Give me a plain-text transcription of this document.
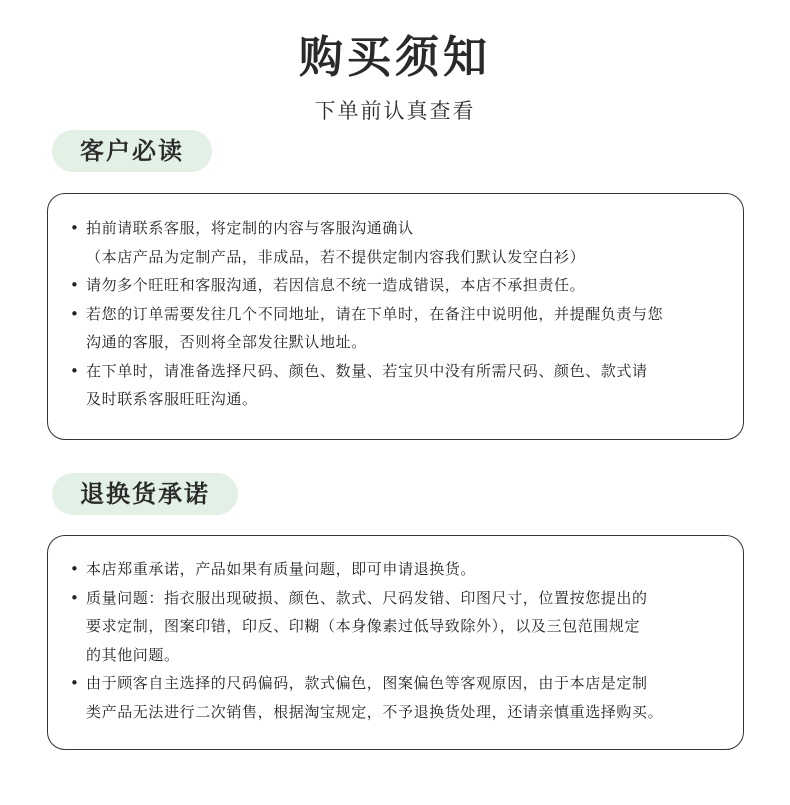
购买须知
下单前认真查看
客户必读
• 拍前请联系客服，将定制的内容与客服沟通确认
（本店产品为定制产品，非成品，若不提供定制内容我们默认发空白衫）
• 请勿多个旺旺和客服沟通，若因信息不统一造成错误，本店不承担责任。
• 若您的订单需要发往几个不同地址，请在下单时，在备注中说明他，并提醒负责与您
沟通的客服，否则将全部发往默认地址。
• 在下单时，请准备选择尺码、颜色、数量、若宝贝中没有所需尺码、颜色、款式请
及时联系客服旺旺沟通。
退换货承诺
• 本店郑重承诺，产品如果有质量问题，即可申请退换货。
• 质量问题：指衣服出现破损、颜色、款式、尺码发错、印图尺寸，位置按您提出的
要求定制，图案印错，印反、印糊（本身像素过低导致除外），以及三包范围规定
的其他问题。
• 由于顾客自主选择的尺码偏码，款式偏色，图案偏色等客观原因，由于本店是定制
类产品无法进行二次销售，根据淘宝规定，不予退换货处理，还请亲慎重选择购买。
